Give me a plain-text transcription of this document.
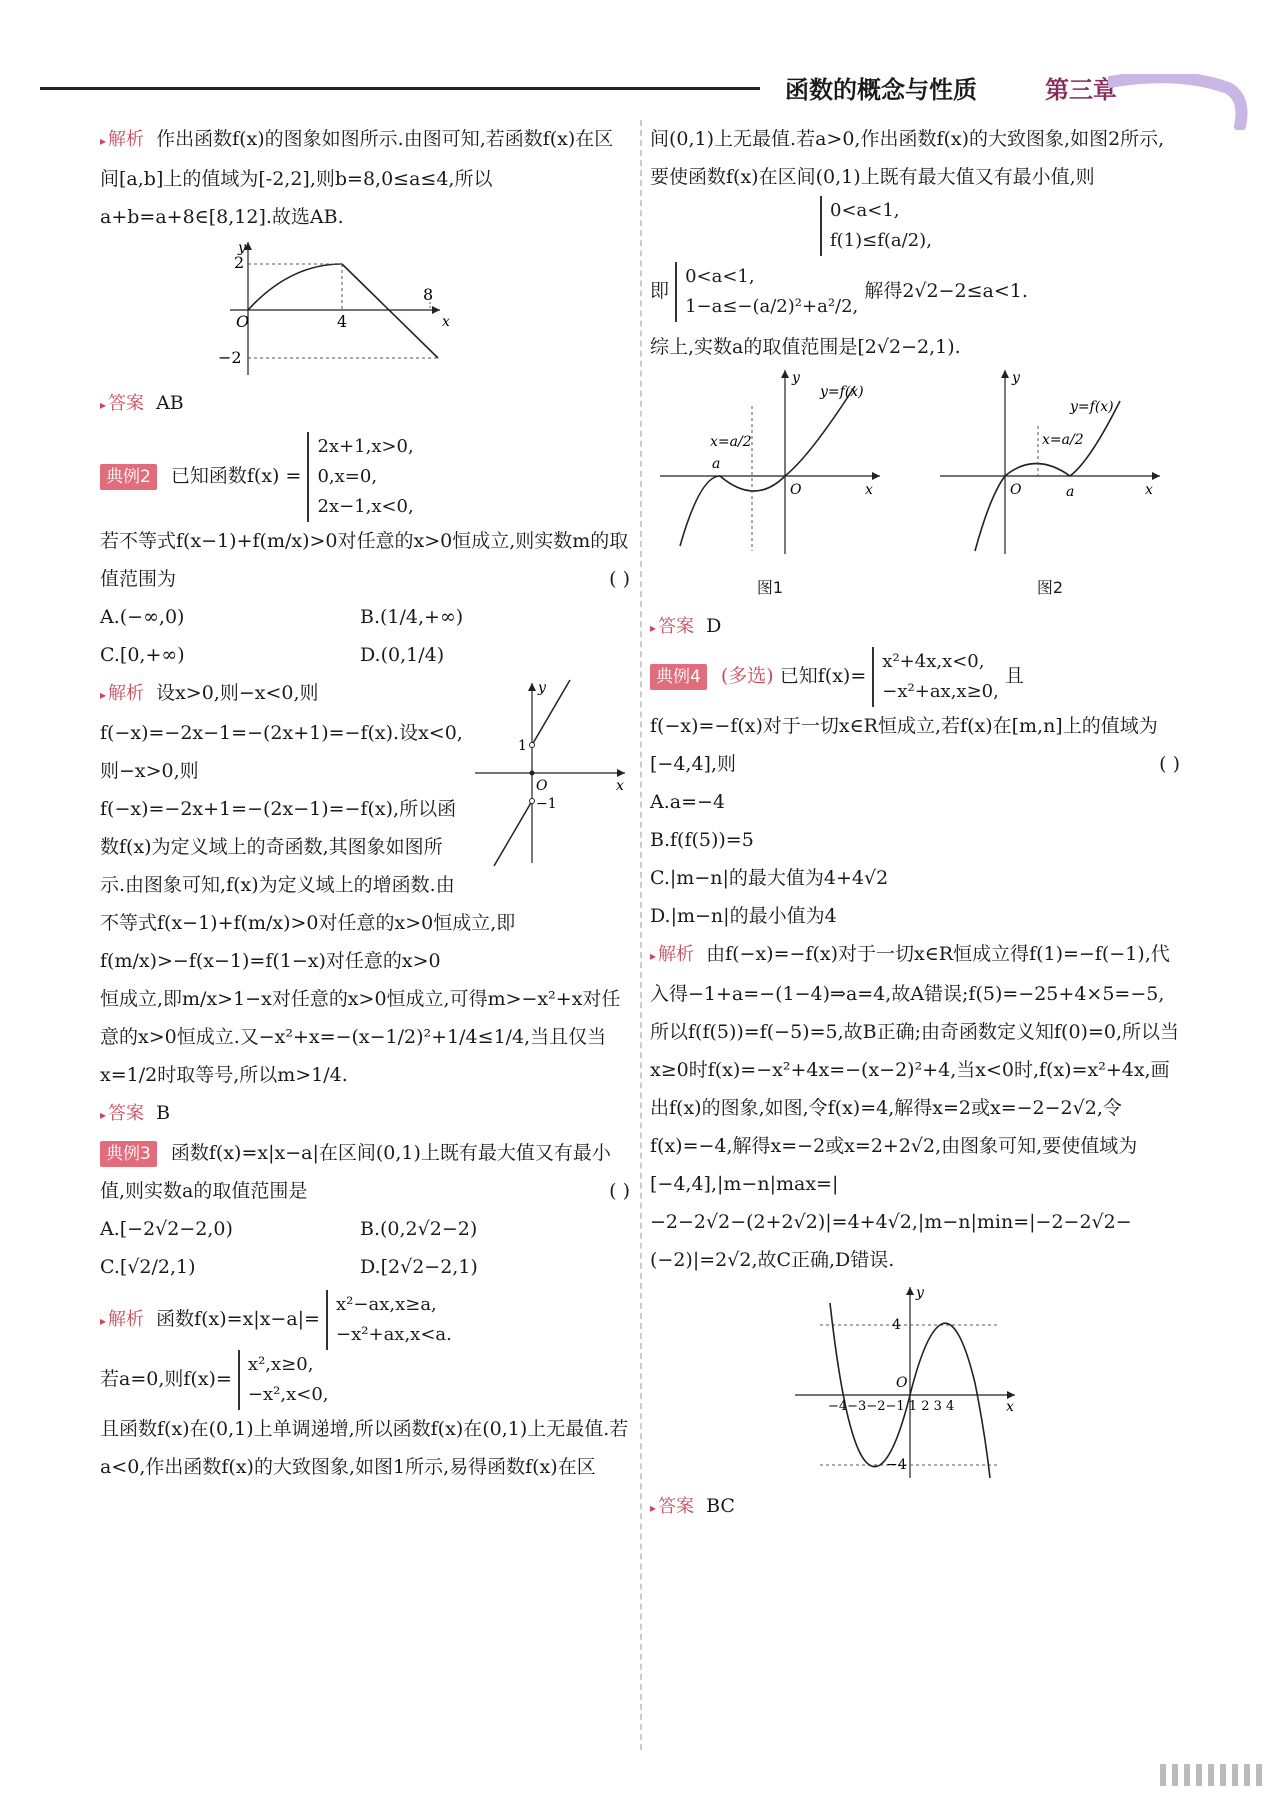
函数的概念与性质	第三章

▸ 解析 作出函数f(x)的图象如图所示.由图可知,若函数f(x)在区间[a,b]上的值域为[-2,2],则b=8,0≤a≤4,所以a+b=a+8∈[8,12].故选AB.

2
−2
O	4
8
x
y

▸ 答案 AB

典例2 已知函数f(x) =
2x+1,x>0,
0,x=0,
2x−1,x<0,

若不等式f(x−1)+f(m/x)>0对任意的x>0恒成立,则实数m的取值范围为	( )

A.(−∞,0)	B.(1/4,+∞)
C.[0,+∞)	D.(0,1/4)
1
−1
O	x
y

▸ 解析 设x>0,则−x<0,则f(−x)=−2x−1=−(2x+1)=−f(x).设x<0,则−x>0,则f(−x)=−2x+1=−(2x−1)=−f(x),所以函数f(x)为定义域上的奇函数,其图象如图所示.由图象可知,f(x)为定义域上的增函数.由不等式f(x−1)+f(m/x)>0对任意的x>0恒成立,即f(m/x)>−f(x−1)=f(1−x)对任意的x>0

恒成立,即m/x>1−x对任意的x>0恒成立,可得m>−x²+x对任意的x>0恒成立.又−x²+x=−(x−1/2)²+1/4≤1/4,当且仅当x=1/2时取等号,所以m>1/4.

▸ 答案 B

典例3 函数f(x)=x|x−a|在区间(0,1)上既有最大值又有最小值,则实数a的取值范围是	( )

A.[−2√2−2,0)	B.(0,2√2−2)
C.[√2/2,1)	D.[2√2−2,1)

▸ 解析 函数f(x)=x|x−a|=
x²−ax,x≥a,
−x²+ax,x<a.

若a=0,则f(x)=
x²,x≥0,
−x²,x<0,

且函数f(x)在(0,1)上单调递增,所以函数f(x)在(0,1)上无最值.若a<0,作出函数f(x)的大致图象,如图1所示,易得函数f(x)在区

间(0,1)上无最值.若a>0,作出函数f(x)的大致图象,如图2所示,要使函数f(x)在区间(0,1)上既有最大值又有最小值,则

0<a<1,
f(1)≤f(a/2),

即
0<a<1,
1−a≤−(a/2)²+a²/2,
解得2√2−2≤a<1.

综上,实数a的取值范围是[2√2−2,1).

y=f(x)
x=a/2
a
O	x
y
图1
y=f(x)
x=a/2
a
O	x
y
图2

▸ 答案 D

典例4 (多选) 已知f(x)=
x²+4x,x<0,
−x²+ax,x≥0,
且

f(−x)=−f(x)对于一切x∈R恒成立,若f(x)在[m,n]上的值域为[−4,4],则	( )

A.a=−4

B.f(f(5))=5

C.|m−n|的最大值为4+4√2

D.|m−n|的最小值为4

▸ 解析 由f(−x)=−f(x)对于一切x∈R恒成立得f(1)=−f(−1),代入得−1+a=−(1−4)⇒a=4,故A错误;f(5)=−25+4×5=−5,所以f(f(5))=f(−5)=5,故B正确;由奇函数定义知f(0)=0,所以当x≥0时f(x)=−x²+4x=−(x−2)²+4,当x<0时,f(x)=x²+4x,画出f(x)的图象,如图,令f(x)=4,解得x=2或x=−2−2√2,令f(x)=−4,解得x=−2或x=2+2√2,由图象可知,要使值域为[−4,4],|m−n|max=|−2−2√2−(2+2√2)|=4+4√2,|m−n|min=|−2−2√2−(−2)|=2√2,故C正确,D错误.

4
−4
O
−4−3−2−1 1 2 3 4	x
y

▸ 答案 BC
